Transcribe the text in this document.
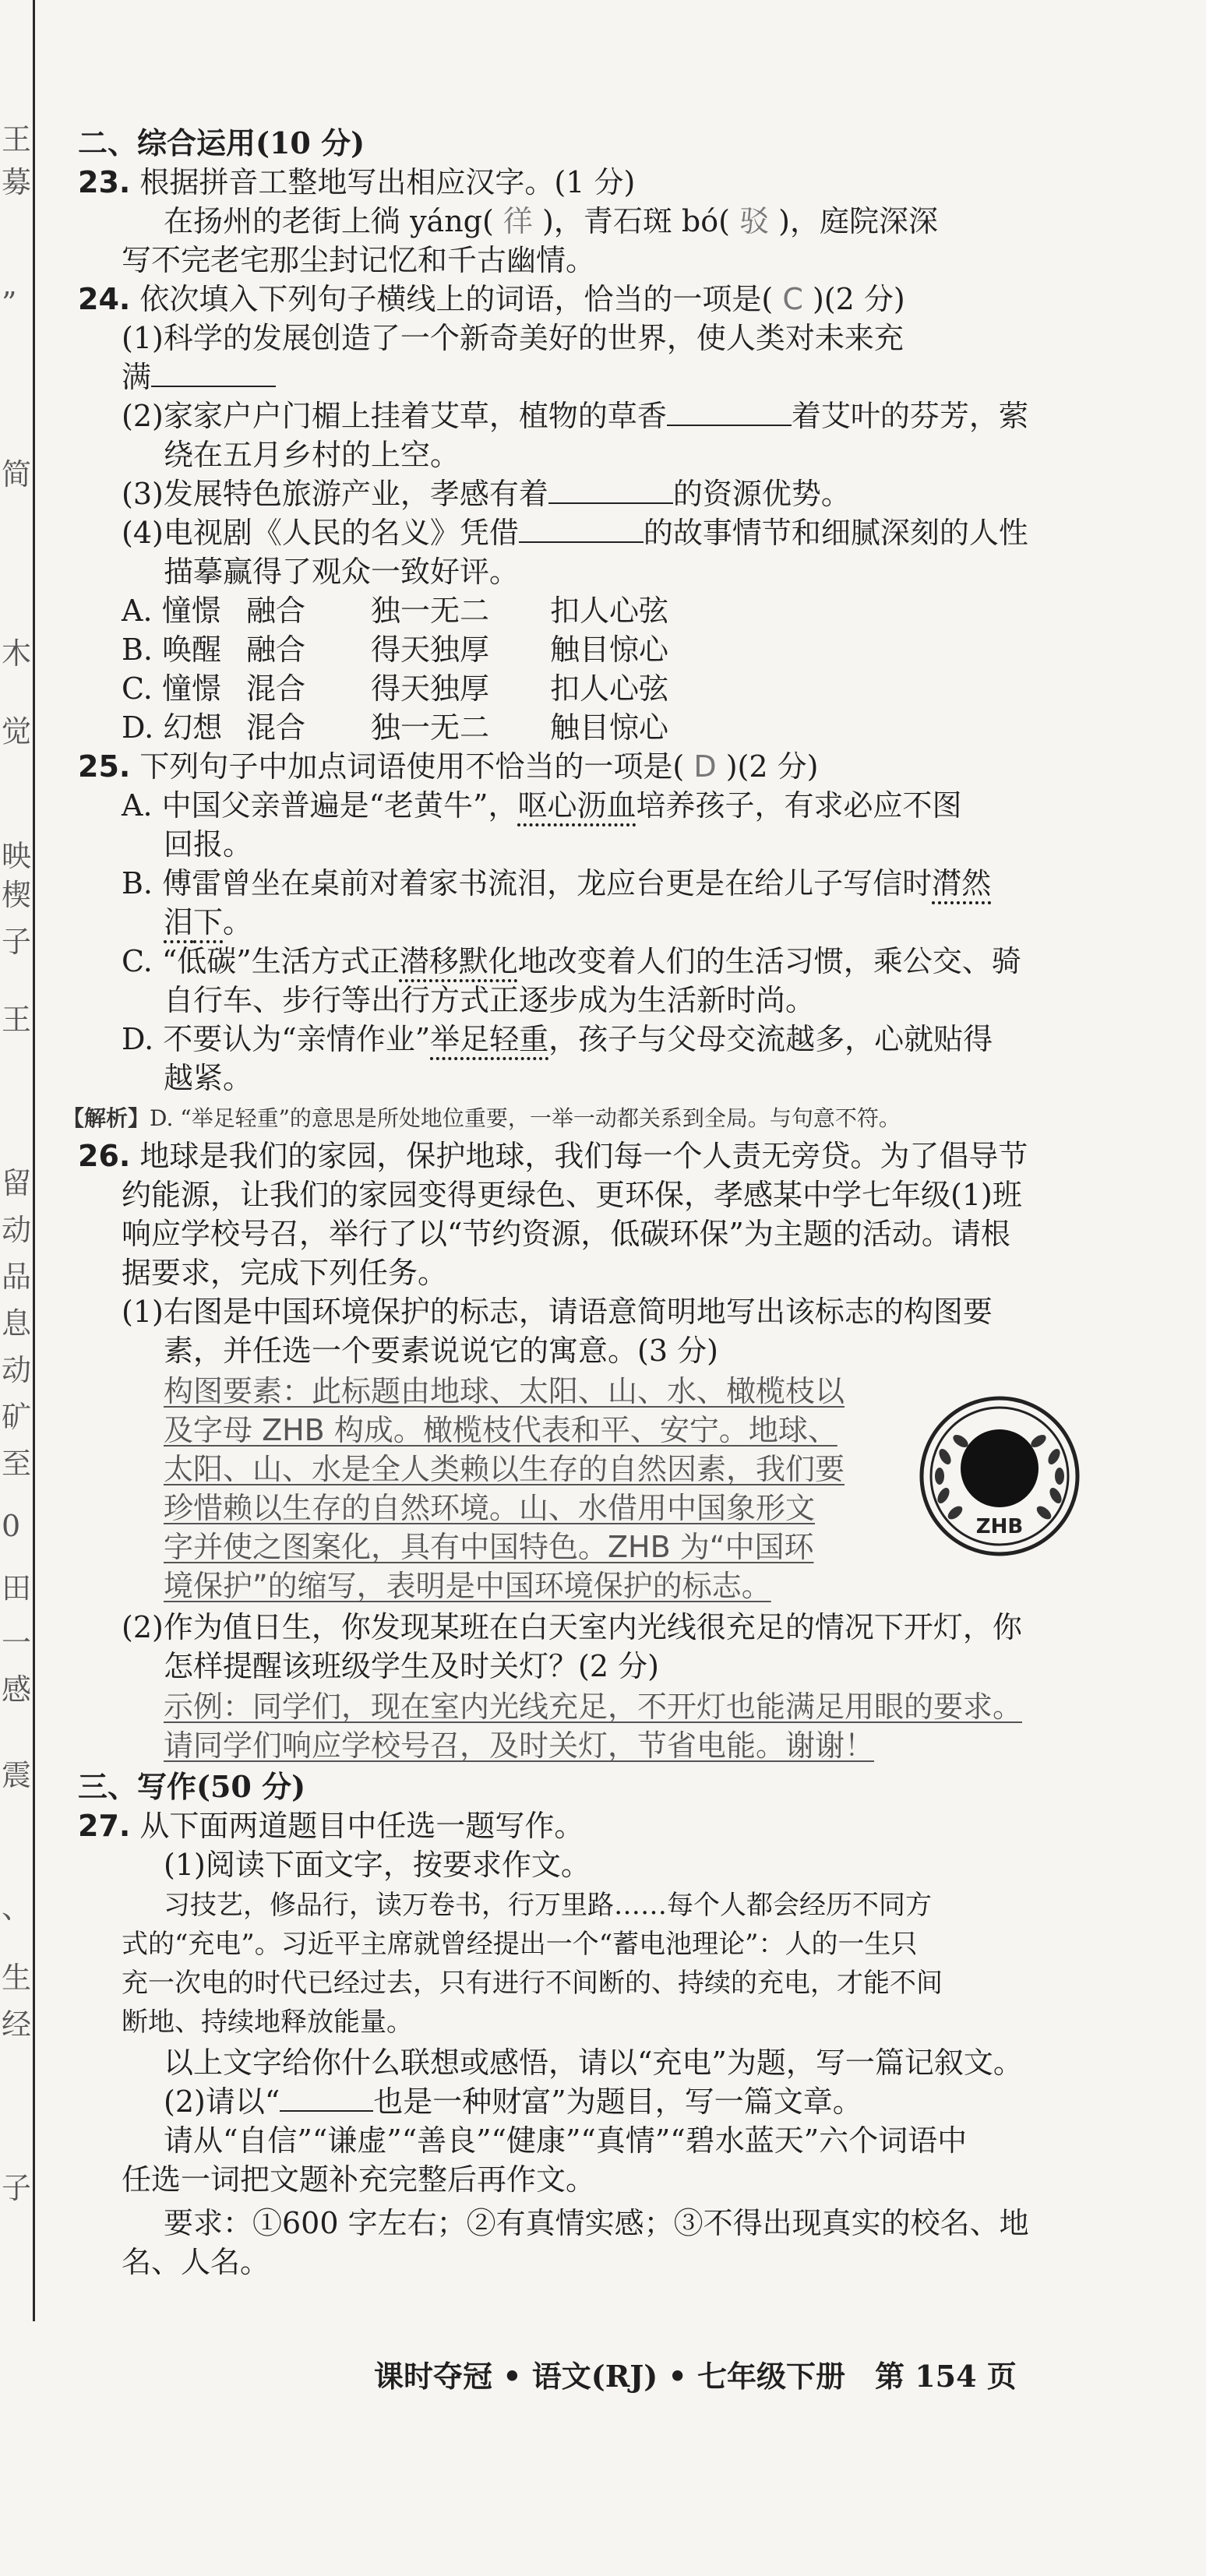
王
募
”
简
木
觉
映
楔
子
王
留
动
品
息
动
矿
至
0
田
一
感
震
、
生
经
子
二、综合运用(10 分)
23. 根据拼音工整地写出相应汉字。(1 分)
在扬州的老街上徜 yáng( 徉 )，青石斑 bó( 驳 )，庭院深深
写不完老宅那尘封记忆和千古幽情。
24. 依次填入下列句子横线上的词语，恰当的一项是( C )(2 分)
(1)科学的发展创造了一个新奇美好的世界，使人类对未来充
满
(2)家家户户门楣上挂着艾草，植物的草香	着艾叶的芬芳，萦
绕在五月乡村的上空。
(3)发展特色旅游产业，孝感有着	的资源优势。
(4)电视剧《人民的名义》凭借	的故事情节和细腻深刻的人性
描摹赢得了观众一致好评。
A. 憧憬 融合 独一无二 扣人心弦
B. 唤醒 融合 得天独厚 触目惊心
C. 憧憬 混合 得天独厚 扣人心弦
D. 幻想 混合 独一无二 触目惊心
25. 下列句子中加点词语使用不恰当的一项是( D )(2 分)
A. 中国父亲普遍是“老黄牛”，呕心沥血培养孩子，有求必应不图
回报。
B. 傅雷曾坐在桌前对着家书流泪，龙应台更是在给儿子写信时潸然
泪下。
C. “低碳”生活方式正潜移默化地改变着人们的生活习惯，乘公交、骑
自行车、步行等出行方式正逐步成为生活新时尚。
D. 不要认为“亲情作业”举足轻重，孩子与父母交流越多，心就贴得
越紧。
【解析】D. “举足轻重”的意思是所处地位重要，一举一动都关系到全局。与句意不符。
26. 地球是我们的家园，保护地球，我们每一个人责无旁贷。为了倡导节
约能源，让我们的家园变得更绿色、更环保，孝感某中学七年级(1)班
响应学校号召，举行了以“节约资源，低碳环保”为主题的活动。请根
据要求，完成下列任务。
(1)右图是中国环境保护的标志，请语意简明地写出该标志的构图要
素，并任选一个要素说说它的寓意。(3 分)
构图要素：此标题由地球、太阳、山、水、橄榄枝以
及字母 ZHB 构成。橄榄枝代表和平、安宁。地球、
太阳、山、水是全人类赖以生存的自然因素，我们要
珍惜赖以生存的自然环境。山、水借用中国象形文
字并使之图案化，具有中国特色。ZHB 为“中国环
境保护”的缩写，表明是中国环境保护的标志。
(2)作为值日生，你发现某班在白天室内光线很充足的情况下开灯，你
怎样提醒该班级学生及时关灯？(2 分)
示例：同学们，现在室内光线充足，不开灯也能满足用眼的要求。
请同学们响应学校号召，及时关灯，节省电能。谢谢！
三、写作(50 分)
27. 从下面两道题目中任选一题写作。
(1)阅读下面文字，按要求作文。
习技艺，修品行，读万卷书，行万里路……每个人都会经历不同方
式的“充电”。习近平主席就曾经提出一个“蓄电池理论”：人的一生只
充一次电的时代已经过去，只有进行不间断的、持续的充电，才能不间
断地、持续地释放能量。
以上文字给你什么联想或感悟，请以“充电”为题，写一篇记叙文。
(2)请以“	也是一种财富”为题目，写一篇文章。
请从“自信”“谦虚”“善良”“健康”“真情”“碧水蓝天”六个词语中
任选一词把文题补充完整后再作文。
要求：①600 字左右；②有真情实感；③不得出现真实的校名、地
名、人名。
ZHB
课时夺冠 • 语文(RJ) • 七年级下册　第 154 页
